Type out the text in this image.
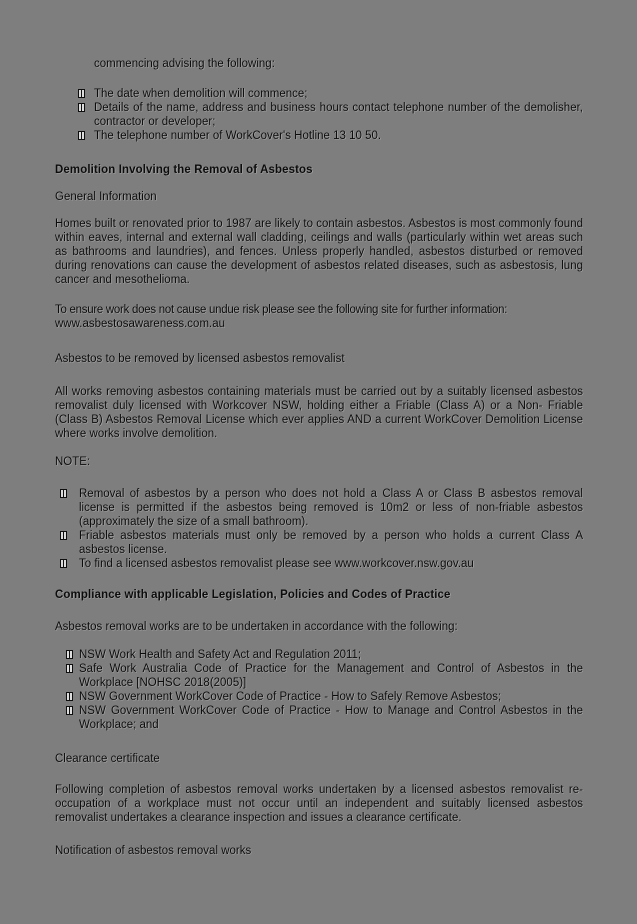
commencing advising the following:

The date when demolition will commence;
Details of the name, address and business hours contact telephone number of the demolisher, contractor or developer;
The telephone number of WorkCover's Hotline 13 10 50.
Demolition Involving the Removal of Asbestos

General Information

Homes built or renovated prior to 1987 are likely to contain asbestos. Asbestos is most commonly found within eaves, internal and external wall cladding, ceilings and walls (particularly within wet areas such as bathrooms and laundries), and fences. Unless properly handled, asbestos disturbed or removed during renovations can cause the development of asbestos related diseases, such as asbestosis, lung cancer and mesothelioma.

To ensure work does not cause undue risk please see the following site for further information:
www.asbestosawareness.com.au

Asbestos to be removed by licensed asbestos removalist

All works removing asbestos containing materials must be carried out by a suitably licensed asbestos removalist duly licensed with Workcover NSW, holding either a Friable (Class A) or a Non- Friable (Class B) Asbestos Removal License which ever applies AND a current WorkCover Demolition License where works involve demolition.

NOTE:

Removal of asbestos by a person who does not hold a Class A or Class B asbestos removal license is permitted if the asbestos being removed is 10m2 or less of non-friable asbestos (approximately the size of a small bathroom).
Friable asbestos materials must only be removed by a person who holds a current Class A asbestos license.
To find a licensed asbestos removalist please see www.workcover.nsw.gov.au
Compliance with applicable Legislation, Policies and Codes of Practice

Asbestos removal works are to be undertaken in accordance with the following:

NSW Work Health and Safety Act and Regulation 2011;
Safe Work Australia Code of Practice for the Management and Control of Asbestos in the Workplace [NOHSC 2018(2005)]
NSW Government WorkCover Code of Practice - How to Safely Remove Asbestos;
NSW Government WorkCover Code of Practice - How to Manage and Control Asbestos in the Workplace; and

Clearance certificate

Following completion of asbestos removal works undertaken by a licensed asbestos removalist re-occupation of a workplace must not occur until an independent and suitably licensed asbestos removalist undertakes a clearance inspection and issues a clearance certificate.

Notification of asbestos removal works
